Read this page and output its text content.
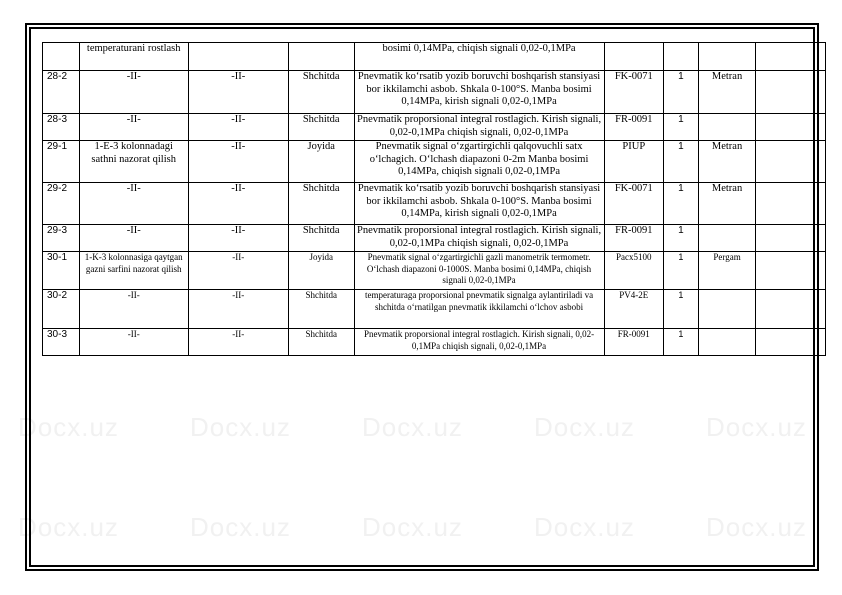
Docx.uz	Docx.uz	Docx.uz	Docx.uz	Docx.uz
Docx.uz	Docx.uz	Docx.uz	Docx.uz	Docx.uz
	temperaturani rostlash			bosimi 0,14MPa, chiqish signali 0,02-0,1MPa				
28-2	-II-	-II-	Shchitda	Pnevmatik ko‘rsatib yozib boruvchi boshqarish stansiyasi bor ikkilamchi asbob. Shkala 0-100°S. Manba bosimi 0,14MPa, kirish signali 0,02-0,1MPa	FK-0071	1	Metran	
28-3	-II-	-II-	Shchitda	Pnevmatik proporsional integral rostlagich. Kirish signali, 0,02-0,1MPa chiqish signali, 0,02-0,1MPa	FR-0091	1		
29-1	1-E-3 kolonnadagi sathni nazorat qilish	-II-	Joyida	Pnevmatik signal o‘zgartirgichli qalqovuchli satx o‘lchagich. O‘lchash diapazoni 0-2m Manba bosimi 0,14MPa, chiqish signali 0,02-0,1MPa	PIUP	1	Metran	
29-2	-II-	-II-	Shchitda	Pnevmatik ko‘rsatib yozib boruvchi boshqarish stansiyasi bor ikkilamchi asbob. Shkala 0-100°S. Manba bosimi 0,14MPa, kirish signali 0,02-0,1MPa	FK-0071	1	Metran	
29-3	-II-	-II-	Shchitda	Pnevmatik proporsional integral rostlagich. Kirish signali, 0,02-0,1MPa chiqish signali, 0,02-0,1MPa	FR-0091	1		
30-1	1-K-3 kolonnasiga qaytgan gazni sarfini nazorat qilish	-II-	Joyida	Pnevmatik signal o‘zgartirgichli gazli manometrik termometr. O‘lchash diapazoni 0-1000S. Manba bosimi 0,14MPa, chiqish signali 0,02-0,1MPa	Pacx5100	1	Pergam	
30-2	-II-	-II-	Shchitda	temperaturaga proporsional pnevmatik signalga aylantiriladi va shchitda o‘rnatilgan pnevmatik ikkilamchi o‘lchov asbobi	PV4-2E	1		
30-3	-II-	-II-	Shchitda	Pnevmatik proporsional integral rostlagich. Kirish signali, 0,02-0,1MPa chiqish signali, 0,02-0,1MPa	FR-0091	1		
